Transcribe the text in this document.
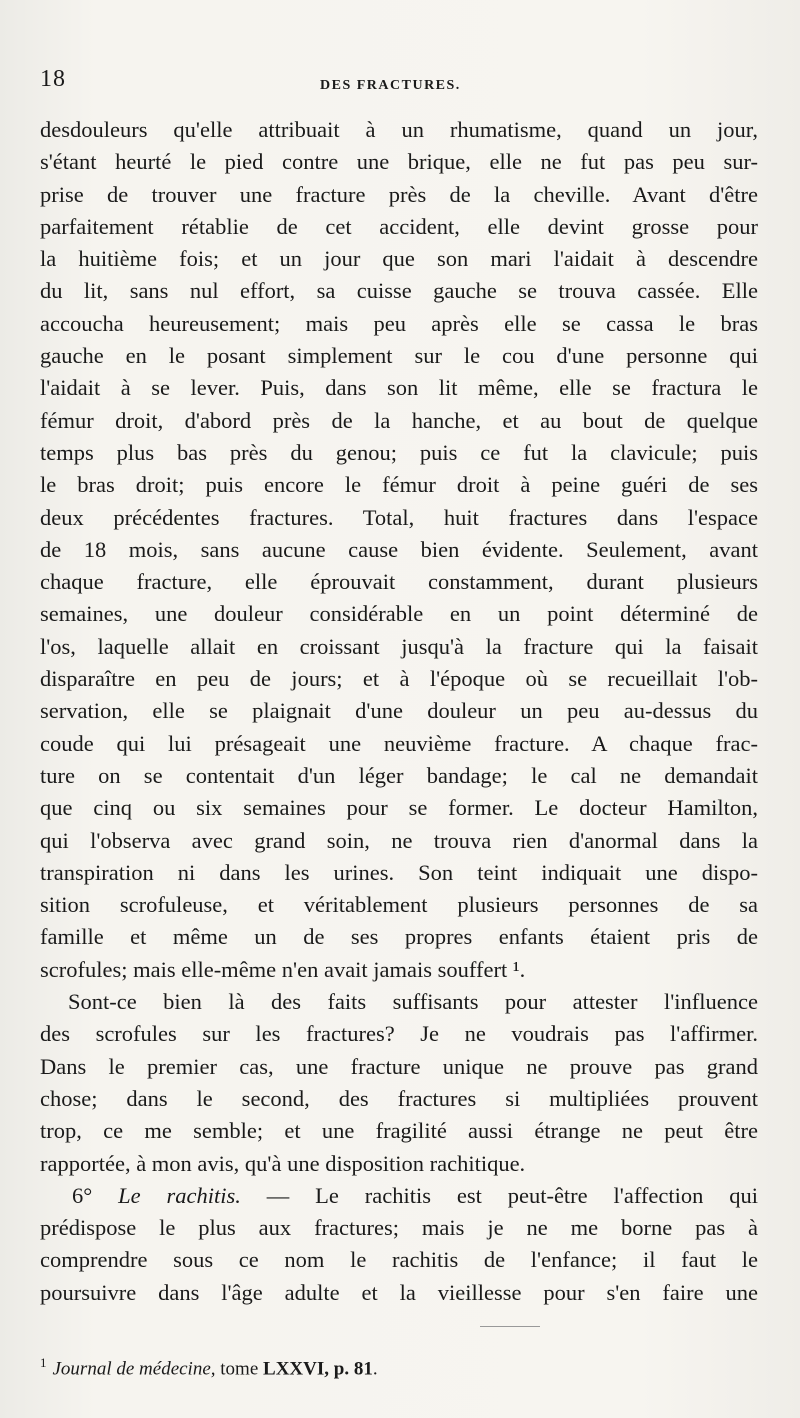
18	DES FRACTURES.
desdouleurs qu'elle attribuait à un rhumatisme, quand un jour,
s'étant heurté le pied contre une brique, elle ne fut pas peu sur-
prise de trouver une fracture près de la cheville. Avant d'être
parfaitement rétablie de cet accident, elle devint grosse pour
la huitième fois; et un jour que son mari l'aidait à descendre
du lit, sans nul effort, sa cuisse gauche se trouva cassée. Elle
accoucha heureusement; mais peu après elle se cassa le bras
gauche en le posant simplement sur le cou d'une personne qui
l'aidait à se lever. Puis, dans son lit même, elle se fractura le
fémur droit, d'abord près de la hanche, et au bout de quelque
temps plus bas près du genou; puis ce fut la clavicule; puis
le bras droit; puis encore le fémur droit à peine guéri de ses
deux précédentes fractures. Total, huit fractures dans l'espace
de 18 mois, sans aucune cause bien évidente. Seulement, avant
chaque fracture, elle éprouvait constamment, durant plusieurs
semaines, une douleur considérable en un point déterminé de
l'os, laquelle allait en croissant jusqu'à la fracture qui la faisait
disparaître en peu de jours; et à l'époque où se recueillait l'ob-
servation, elle se plaignait d'une douleur un peu au-dessus du
coude qui lui présageait une neuvième fracture. A chaque frac-
ture on se contentait d'un léger bandage; le cal ne demandait
que cinq ou six semaines pour se former. Le docteur Hamilton,
qui l'observa avec grand soin, ne trouva rien d'anormal dans la
transpiration ni dans les urines. Son teint indiquait une dispo-
sition scrofuleuse, et véritablement plusieurs personnes de sa
famille et même un de ses propres enfants étaient pris de
scrofules; mais elle-même n'en avait jamais souffert ¹.
Sont-ce bien là des faits suffisants pour attester l'influence
des scrofules sur les fractures? Je ne voudrais pas l'affirmer.
Dans le premier cas, une fracture unique ne prouve pas grand
chose; dans le second, des fractures si multipliées prouvent
trop, ce me semble; et une fragilité aussi étrange ne peut être
rapportée, à mon avis, qu'à une disposition rachitique.
6° Le rachitis. — Le rachitis est peut-être l'affection qui
prédispose le plus aux fractures; mais je ne me borne pas à
comprendre sous ce nom le rachitis de l'enfance; il faut le
poursuivre dans l'âge adulte et la vieillesse pour s'en faire une
$^1$ Journal de médecine, tome LXXVI, p. 81.
